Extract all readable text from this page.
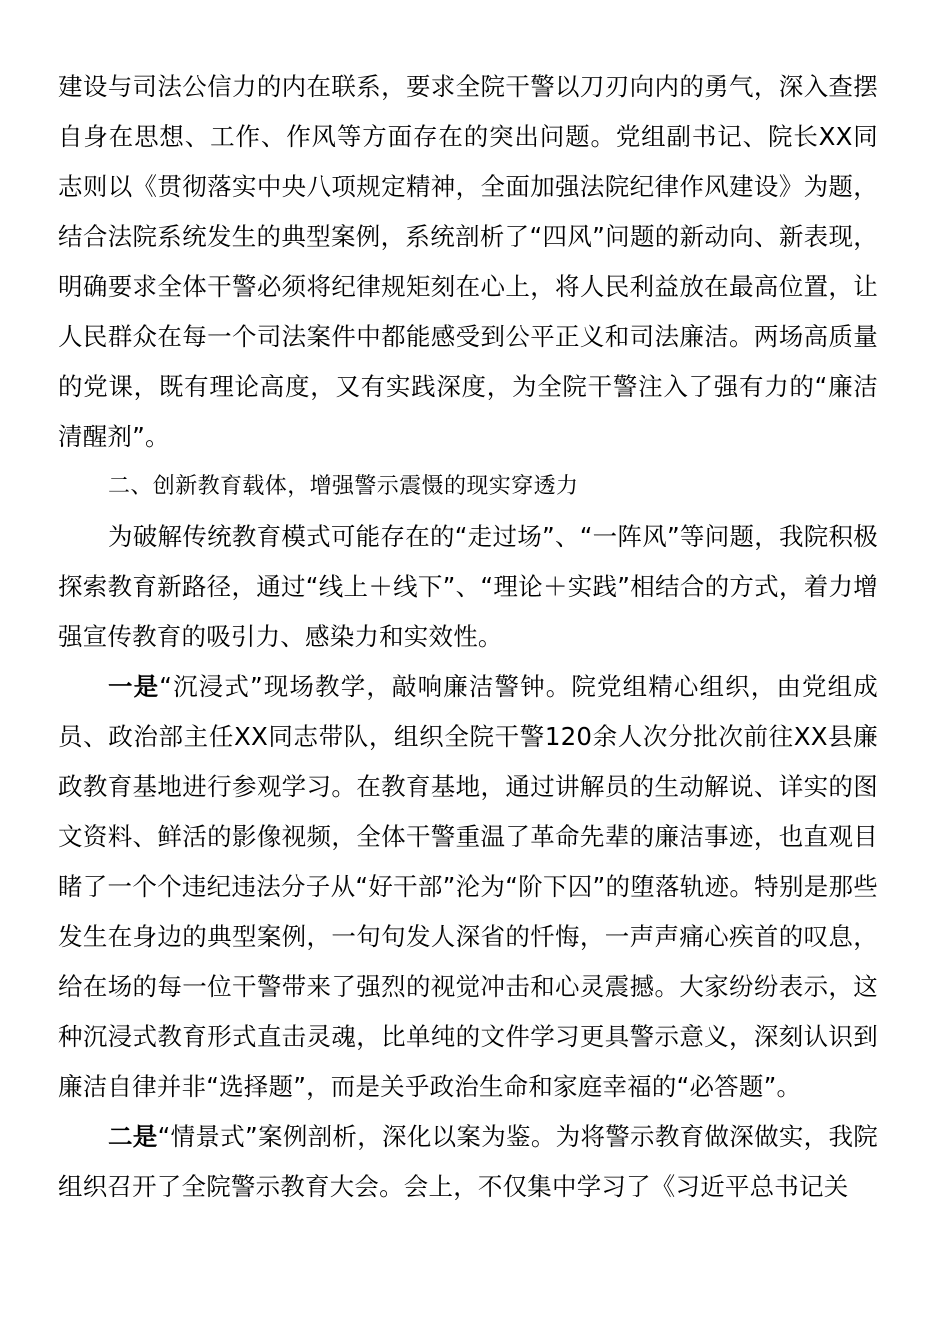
建设与司法公信力的内在联系，要求全院干警以刀刃向内的勇气，深入查摆自身在思想、工作、作风等方面存在的突出问题。党组副书记、院长XX同志则以《贯彻落实中央八项规定精神，全面加强法院纪律作风建设》为题，结合法院系统发生的典型案例，系统剖析了“四风”问题的新动向、新表现，明确要求全体干警必须将纪律规矩刻在心上，将人民利益放在最高位置，让人民群众在每一个司法案件中都能感受到公平正义和司法廉洁。两场高质量的党课，既有理论高度，又有实践深度，为全院干警注入了强有力的“廉洁清醒剂”。

二、创新教育载体，增强警示震慑的现实穿透力

为破解传统教育模式可能存在的“走过场”、“一阵风”等问题，我院积极探索教育新路径，通过“线上＋线下”、“理论＋实践”相结合的方式，着力增强宣传教育的吸引力、感染力和实效性。

一是“沉浸式”现场教学，敲响廉洁警钟。院党组精心组织，由党组成员、政治部主任XX同志带队，组织全院干警120余人次分批次前往XX县廉政教育基地进行参观学习。在教育基地，通过讲解员的生动解说、详实的图文资料、鲜活的影像视频，全体干警重温了革命先辈的廉洁事迹，也直观目睹了一个个违纪违法分子从“好干部”沦为“阶下囚”的堕落轨迹。特别是那些发生在身边的典型案例，一句句发人深省的忏悔，一声声痛心疾首的叹息，给在场的每一位干警带来了强烈的视觉冲击和心灵震撼。大家纷纷表示，这种沉浸式教育形式直击灵魂，比单纯的文件学习更具警示意义，深刻认识到廉洁自律并非“选择题”，而是关乎政治生命和家庭幸福的“必答题”。

二是“情景式”案例剖析，深化以案为鉴。为将警示教育做深做实，我院组织召开了全院警示教育大会。会上，不仅集中学习了《习近平总书记关
